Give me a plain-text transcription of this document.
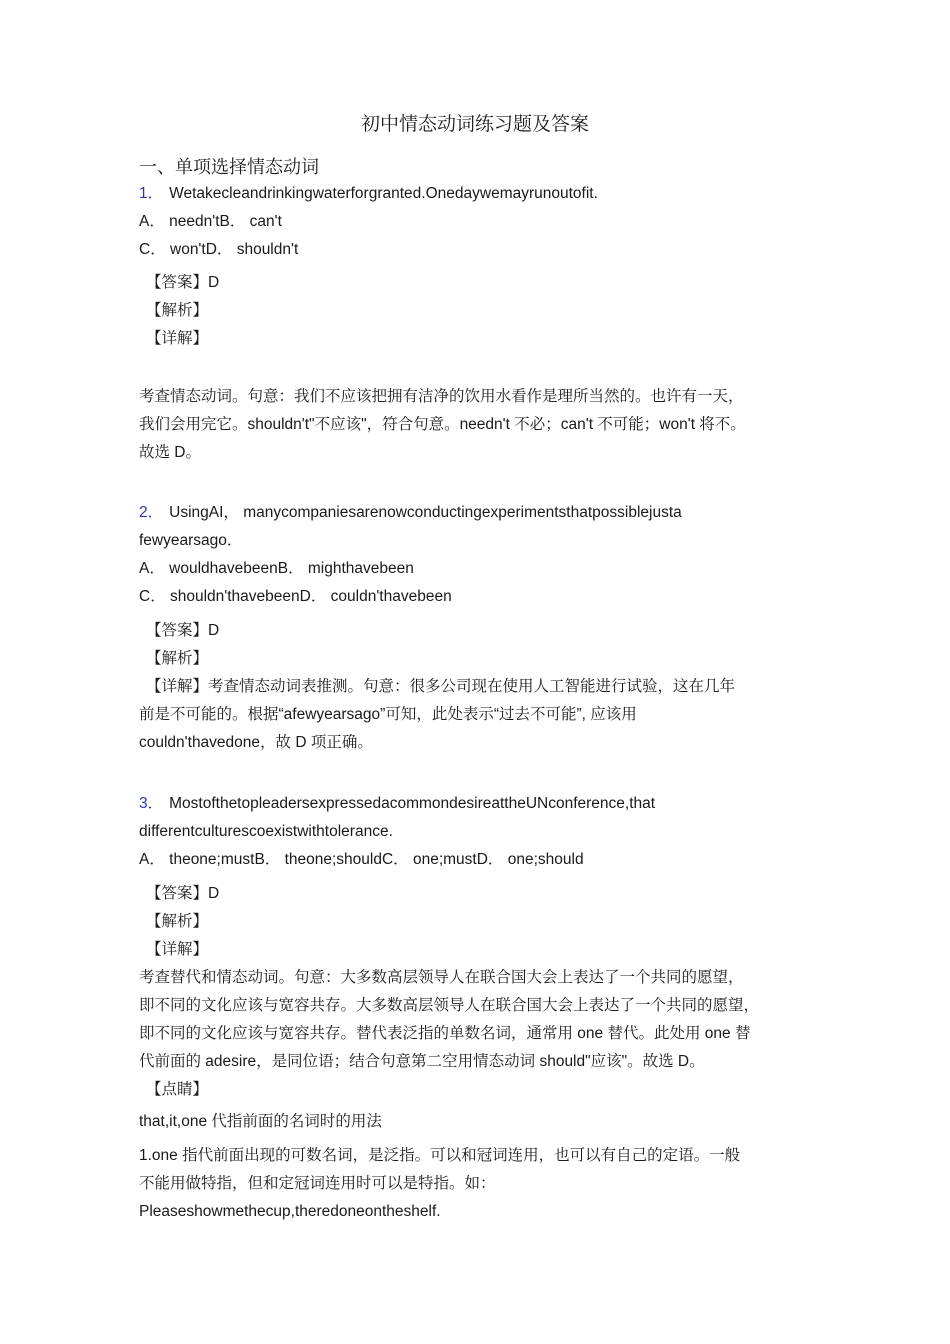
初中情态动词练习题及答案
一、单项选择情态动词
1． Wetakecleandrinkingwaterforgranted.Onedaywemayrunoutofit.
A． needn'tB． can't
C． won'tD． shouldn't
【答案】D
【解析】
【详解】
考查情态动词。句意：我们不应该把拥有洁净的饮用水看作是理所当然的。也许有一天，
我们会用完它。shouldn't"不应该"，符合句意。needn't 不必；can't 不可能；won't 将不。
故选 D。
2． UsingAI， manycompaniesarenowconductingexperimentsthatpossiblejusta
fewyearsago．
A． wouldhavebeenB． mighthavebeen
C． shouldn'thavebeenD． couldn'thavebeen
【答案】D
【解析】
【详解】考查情态动词表推测。句意：很多公司现在使用人工智能进行试验，这在几年
前是不可能的。根据“afewyearsago”可知，此处表示“过去不可能”, 应该用
couldn'thavedone，故 D 项正确。
3． MostofthetopleadersexpressedacommondesireattheUNconference,that
differentculturescoexistwithtolerance.
A． theone;mustB． theone;shouldC． one;mustD． one;should
【答案】D
【解析】
【详解】
考查替代和情态动词。句意：大多数高层领导人在联合国大会上表达了一个共同的愿望，
即不同的文化应该与宽容共存。大多数高层领导人在联合国大会上表达了一个共同的愿望，
即不同的文化应该与宽容共存。替代表泛指的单数名词，通常用 one 替代。此处用 one 替
代前面的 adesire，是同位语；结合句意第二空用情态动词 should"应该"。故选 D。
【点睛】
that,it,one 代指前面的名词时的用法
1.one 指代前面出现的可数名词，是泛指。可以和冠词连用，也可以有自己的定语。一般
不能用做特指，但和定冠词连用时可以是特指。如：
Pleaseshowmethecup,theredoneontheshelf.
